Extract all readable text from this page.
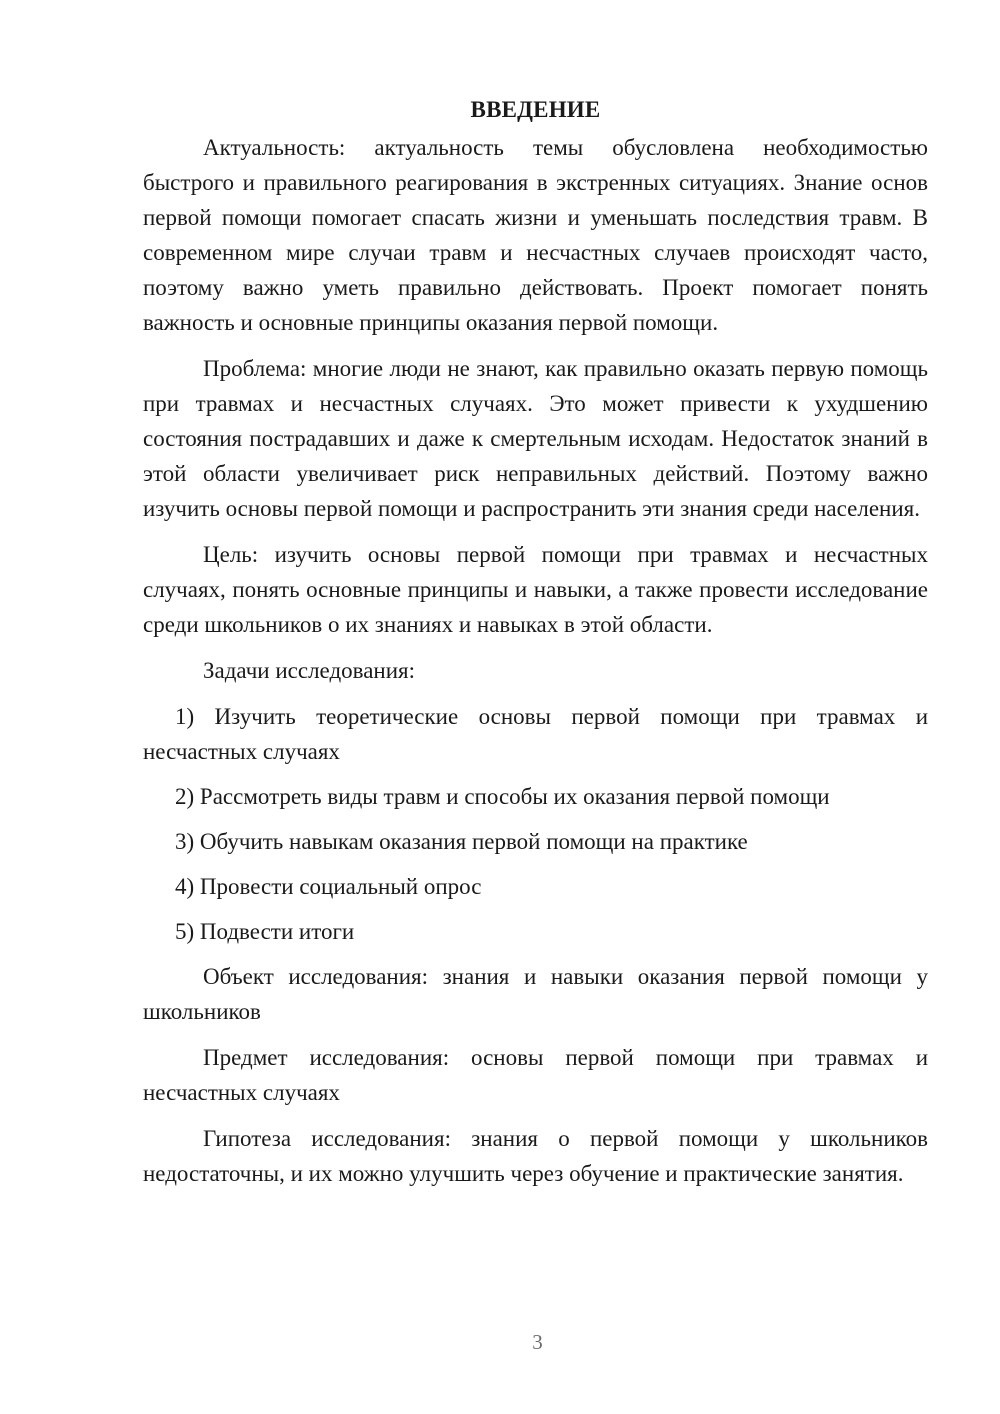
ВВЕДЕНИЕ

Актуальность: актуальность темы обусловлена необходимостью быстрого и правильного реагирования в экстренных ситуациях. Знание основ первой помощи помогает спасать жизни и уменьшать последствия травм. В современном мире случаи травм и несчастных случаев происходят часто, поэтому важно уметь правильно действовать. Проект помогает понять важность и основные принципы оказания первой помощи.

Проблема: многие люди не знают, как правильно оказать первую помощь при травмах и несчастных случаях. Это может привести к ухудшению состояния пострадавших и даже к смертельным исходам. Недостаток знаний в этой области увеличивает риск неправильных действий. Поэтому важно изучить основы первой помощи и распространить эти знания среди населения.

Цель: изучить основы первой помощи при травмах и несчастных случаях, понять основные принципы и навыки, а также провести исследование среди школьников о их знаниях и навыках в этой области.

Задачи исследования:

1) Изучить теоретические основы первой помощи при травмах и несчастных случаях

2) Рассмотреть виды травм и способы их оказания первой помощи

3) Обучить навыкам оказания первой помощи на практике

4) Провести социальный опрос

5) Подвести итоги

Объект исследования: знания и навыки оказания первой помощи у школьников

Предмет исследования: основы первой помощи при травмах и несчастных случаях

Гипотеза исследования: знания о первой помощи у школьников недостаточны, и их можно улучшить через обучение и практические занятия.

3
